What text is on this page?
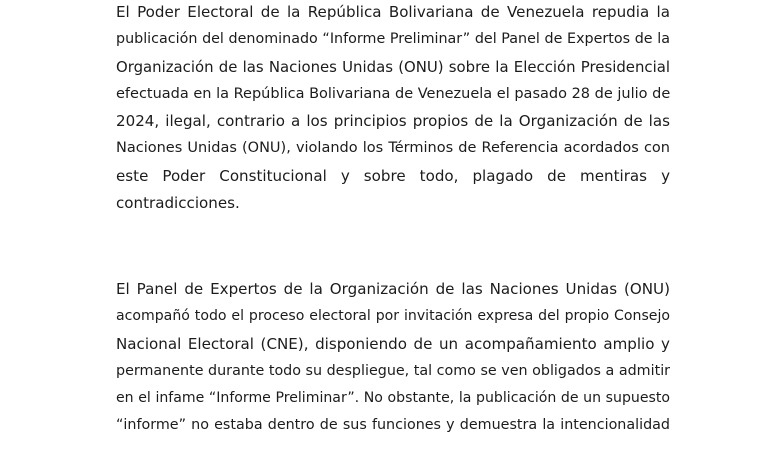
El Poder Electoral de la República Bolivariana de Venezuela repudia la
publicación del denominado “Informe Preliminar” del Panel de Expertos de la
Organización de las Naciones Unidas (ONU) sobre la Elección Presidencial
efectuada en la República Bolivariana de Venezuela el pasado 28 de julio de
2024, ilegal, contrario a los principios propios de la Organización de las
Naciones Unidas (ONU), violando los Términos de Referencia acordados con
este Poder Constitucional y sobre todo, plagado de mentiras y
contradicciones.
El Panel de Expertos de la Organización de las Naciones Unidas (ONU)
acompañó todo el proceso electoral por invitación expresa del propio Consejo
Nacional Electoral (CNE), disponiendo de un acompañamiento amplio y
permanente durante todo su despliegue, tal como se ven obligados a admitir
en el infame “Informe Preliminar”. No obstante, la publicación de un supuesto
“informe” no estaba dentro de sus funciones y demuestra la intencionalidad
